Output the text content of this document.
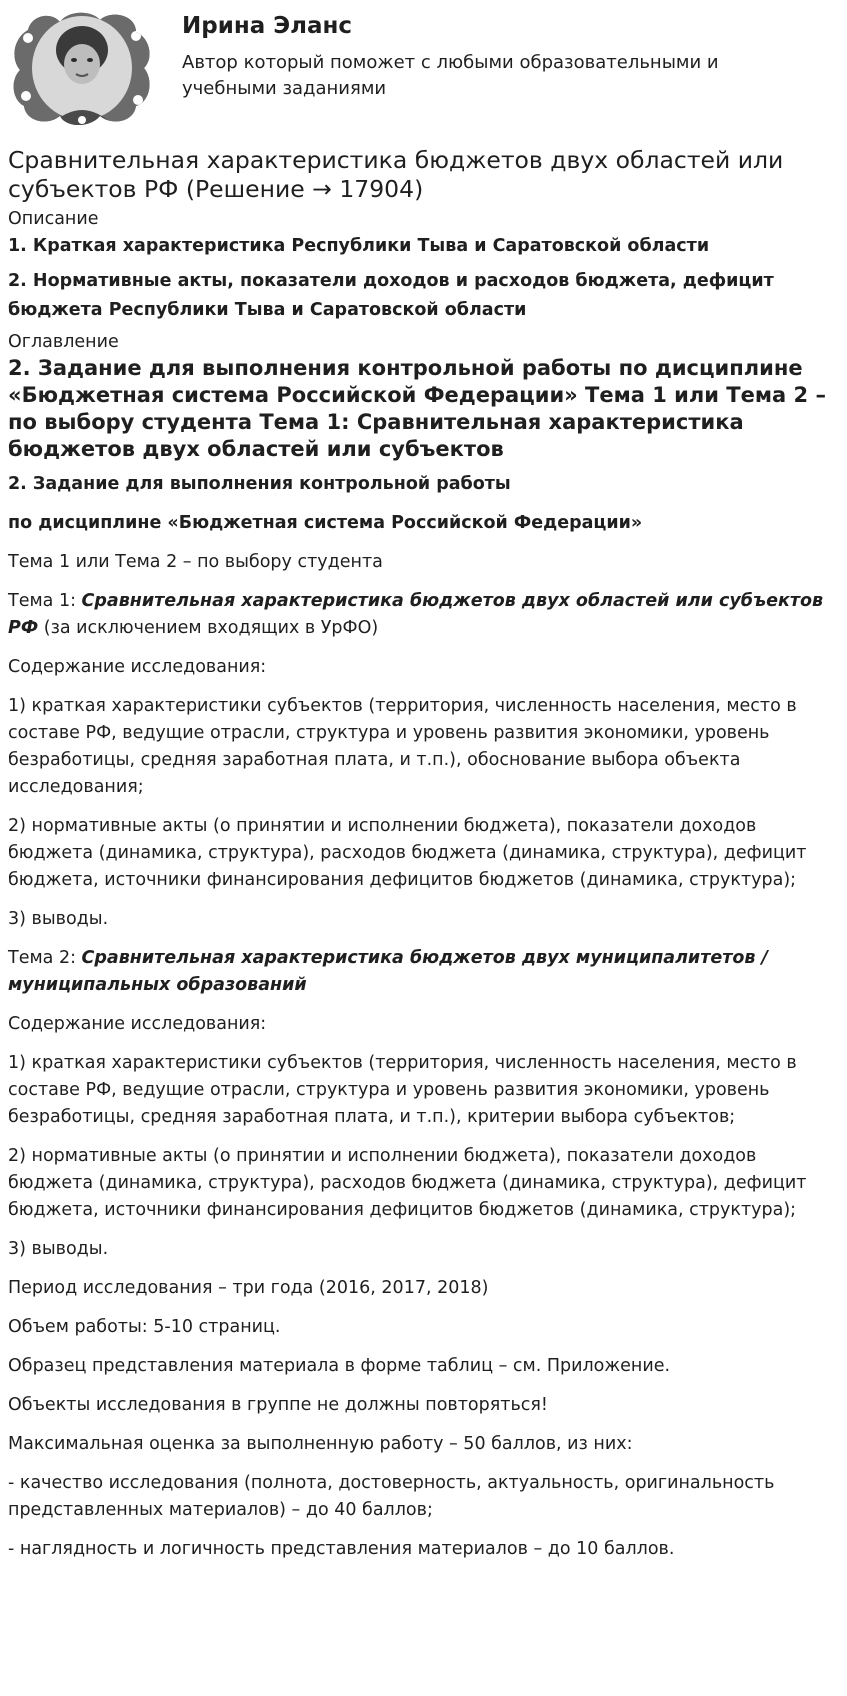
Ирина Эланс

Автор который поможет с любыми образовательными и учебными заданиями

Сравнительная характеристика бюджетов двух областей или субъектов РФ (Решение → 17904)
Описание

1. Краткая характеристика Республики Тыва и Саратовской области

2. Нормативные акты, показатели доходов и расходов бюджета, дефицит бюджета Республики Тыва и Саратовской области

Оглавление
2. Задание для выполнения контрольной работы по дисциплине «Бюджетная система Российской Федерации» Тема 1 или Тема 2 – по выбору студента Тема 1: Сравнительная характеристика бюджетов двух областей или субъектов

2. Задание для выполнения контрольной работы

по дисциплине «Бюджетная система Российской Федерации»

Тема 1 или Тема 2 – по выбору студента

Тема 1: Сравнительная характеристика бюджетов двух областей или субъектов РФ (за исключением входящих в УрФО)

Содержание исследования:

1) краткая характеристики субъектов (территория, численность населения, место в составе РФ, ведущие отрасли, структура и уровень развития экономики, уровень безработицы, средняя заработная плата, и т.п.), обоснование выбора объекта исследования;

2) нормативные акты (о принятии и исполнении бюджета), показатели доходов бюджета (динамика, структура), расходов бюджета (динамика, структура), дефицит бюджета, источники финансирования дефицитов бюджетов (динамика, структура);

3) выводы.

Тема 2: Сравнительная характеристика бюджетов двух муниципалитетов / муниципальных образований

Содержание исследования:

1) краткая характеристики субъектов (территория, численность населения, место в составе РФ, ведущие отрасли, структура и уровень развития экономики, уровень безработицы, средняя заработная плата, и т.п.), критерии выбора субъектов;

2) нормативные акты (о принятии и исполнении бюджета), показатели доходов бюджета (динамика, структура), расходов бюджета (динамика, структура), дефицит бюджета, источники финансирования дефицитов бюджетов (динамика, структура);

3) выводы.

Период исследования – три года (2016, 2017, 2018)

Объем работы: 5-10 страниц.

Образец представления материала в форме таблиц – см. Приложение.

Объекты исследования в группе не должны повторяться!

Максимальная оценка за выполненную работу – 50 баллов, из них:

- качество исследования (полнота, достоверность, актуальность, оригинальность представленных материалов) – до 40 баллов;

- наглядность и логичность представления материалов – до 10 баллов.
